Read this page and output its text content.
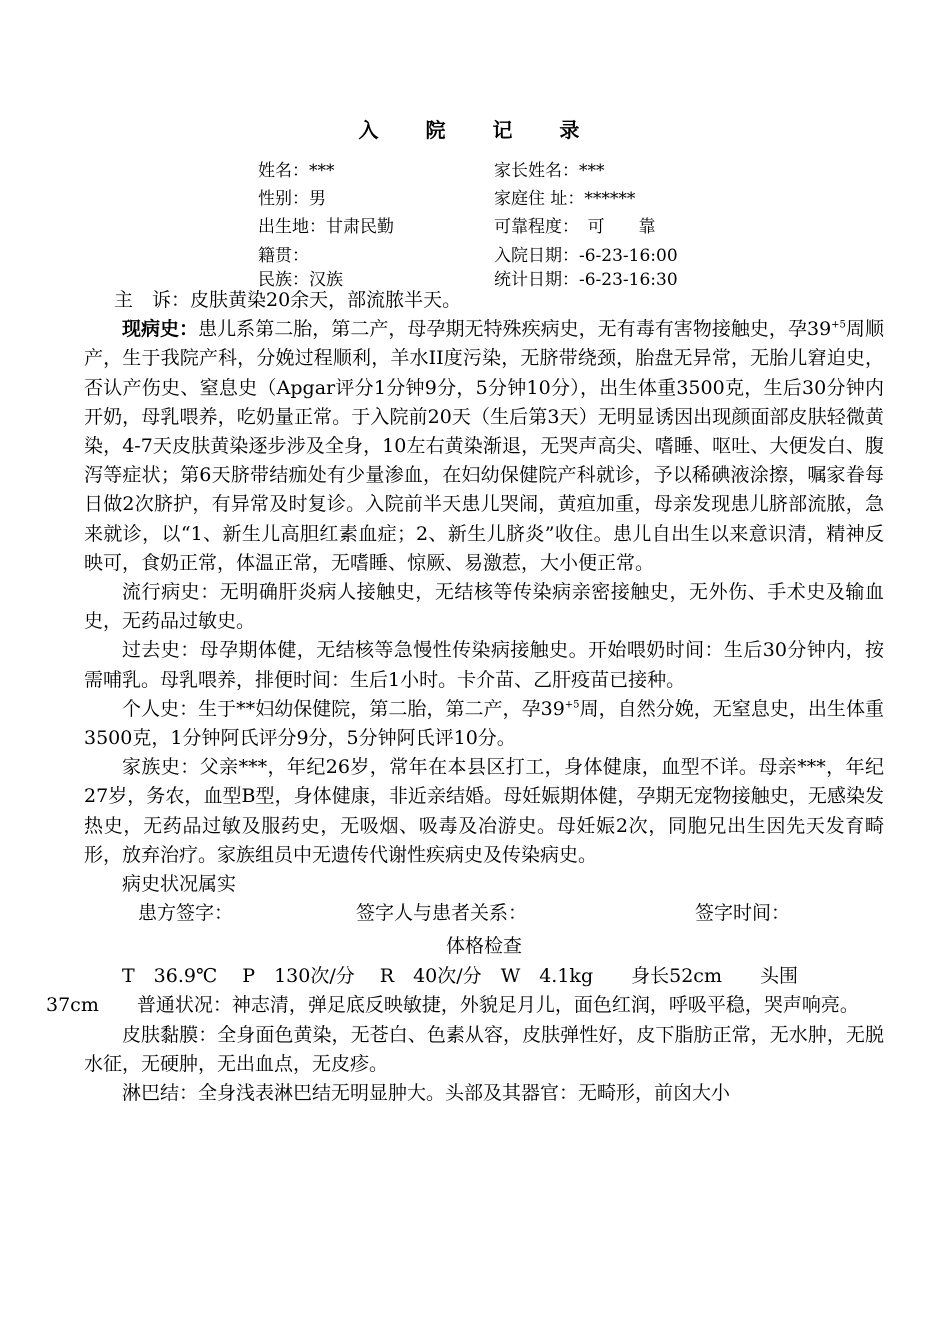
入 院 记 录
姓名：***	家长姓名：***
性别：男	家庭住 址：******
出生地：甘肃民勤	可靠程度：　可　　靠
籍贯：	入院日期：-6-23-16:00
民族：汉族	统计日期：-6-23-16:30

主　诉：皮肤黄染20余天，部流脓半天。

现病史：患儿系第二胎，第二产，母孕期无特殊疾病史，无有毒有害物接触史，孕$39^{+5}$周顺产，生于我院产科，分娩过程顺利，羊水II度污染，无脐带绕颈，胎盘无异常，无胎儿窘迫史，否认产伤史、窒息史（Apgar评分1分钟9分，5分钟10分），出生体重3500克，生后30分钟内开奶，母乳喂养，吃奶量正常。于入院前20天（生后第3天）无明显诱因出现颜面部皮肤轻微黄染，4-7天皮肤黄染逐步涉及全身，10左右黄染渐退，无哭声高尖、嗜睡、呕吐、大便发白、腹泻等症状；第6天脐带结痂处有少量渗血，在妇幼保健院产科就诊，予以稀碘液涂擦，嘱家眷每日做2次脐护，有异常及时复诊。入院前半天患儿哭闹，黄疸加重，母亲发现患儿脐部流脓，急来就诊，以“1、新生儿高胆红素血症；2、新生儿脐炎”收住。患儿自出生以来意识清，精神反映可，食奶正常，体温正常，无嗜睡、惊厥、易激惹，大小便正常。

流行病史：无明确肝炎病人接触史，无结核等传染病亲密接触史，无外伤、手术史及输血史，无药品过敏史。

过去史：母孕期体健，无结核等急慢性传染病接触史。开始喂奶时间：生后30分钟内，按需哺乳。母乳喂养，排便时间：生后1小时。卡介苗、乙肝疫苗已接种。

个人史：生于**妇幼保健院，第二胎，第二产，孕$39^{+5}$周，自然分娩，无窒息史，出生体重3500克，1分钟阿氏评分9分，5分钟阿氏评10分。

家族史：父亲***，年纪26岁，常年在本县区打工，身体健康，血型不详。母亲***，年纪27岁，务农，血型B型，身体健康，非近亲结婚。母妊娠期体健，孕期无宠物接触史，无感染发热史，无药品过敏及服药史，无吸烟、吸毒及冶游史。母妊娠2次，同胞兄出生因先天发育畸形，放弃治疗。家族组员中无遗传代谢性疾病史及传染病史。

病史状况属实

患方签字：	签字人与患者关系：	签字时间：
体格检查

T　36.9℃　 P　130次/分　 R　40次/分　 W　4.1kg　　 身长52cm　　 头围
37cm　　普通状况：神志清，弹足底反映敏捷，外貌足月儿，面色红润，呼吸平稳，哭声响亮。

皮肤黏膜：全身面色黄染，无苍白、色素从容，皮肤弹性好，皮下脂肪正常，无水肿，无脱水征，无硬肿，无出血点，无皮疹。

淋巴结：全身浅表淋巴结无明显肿大。头部及其器官：无畸形，前囟大小
